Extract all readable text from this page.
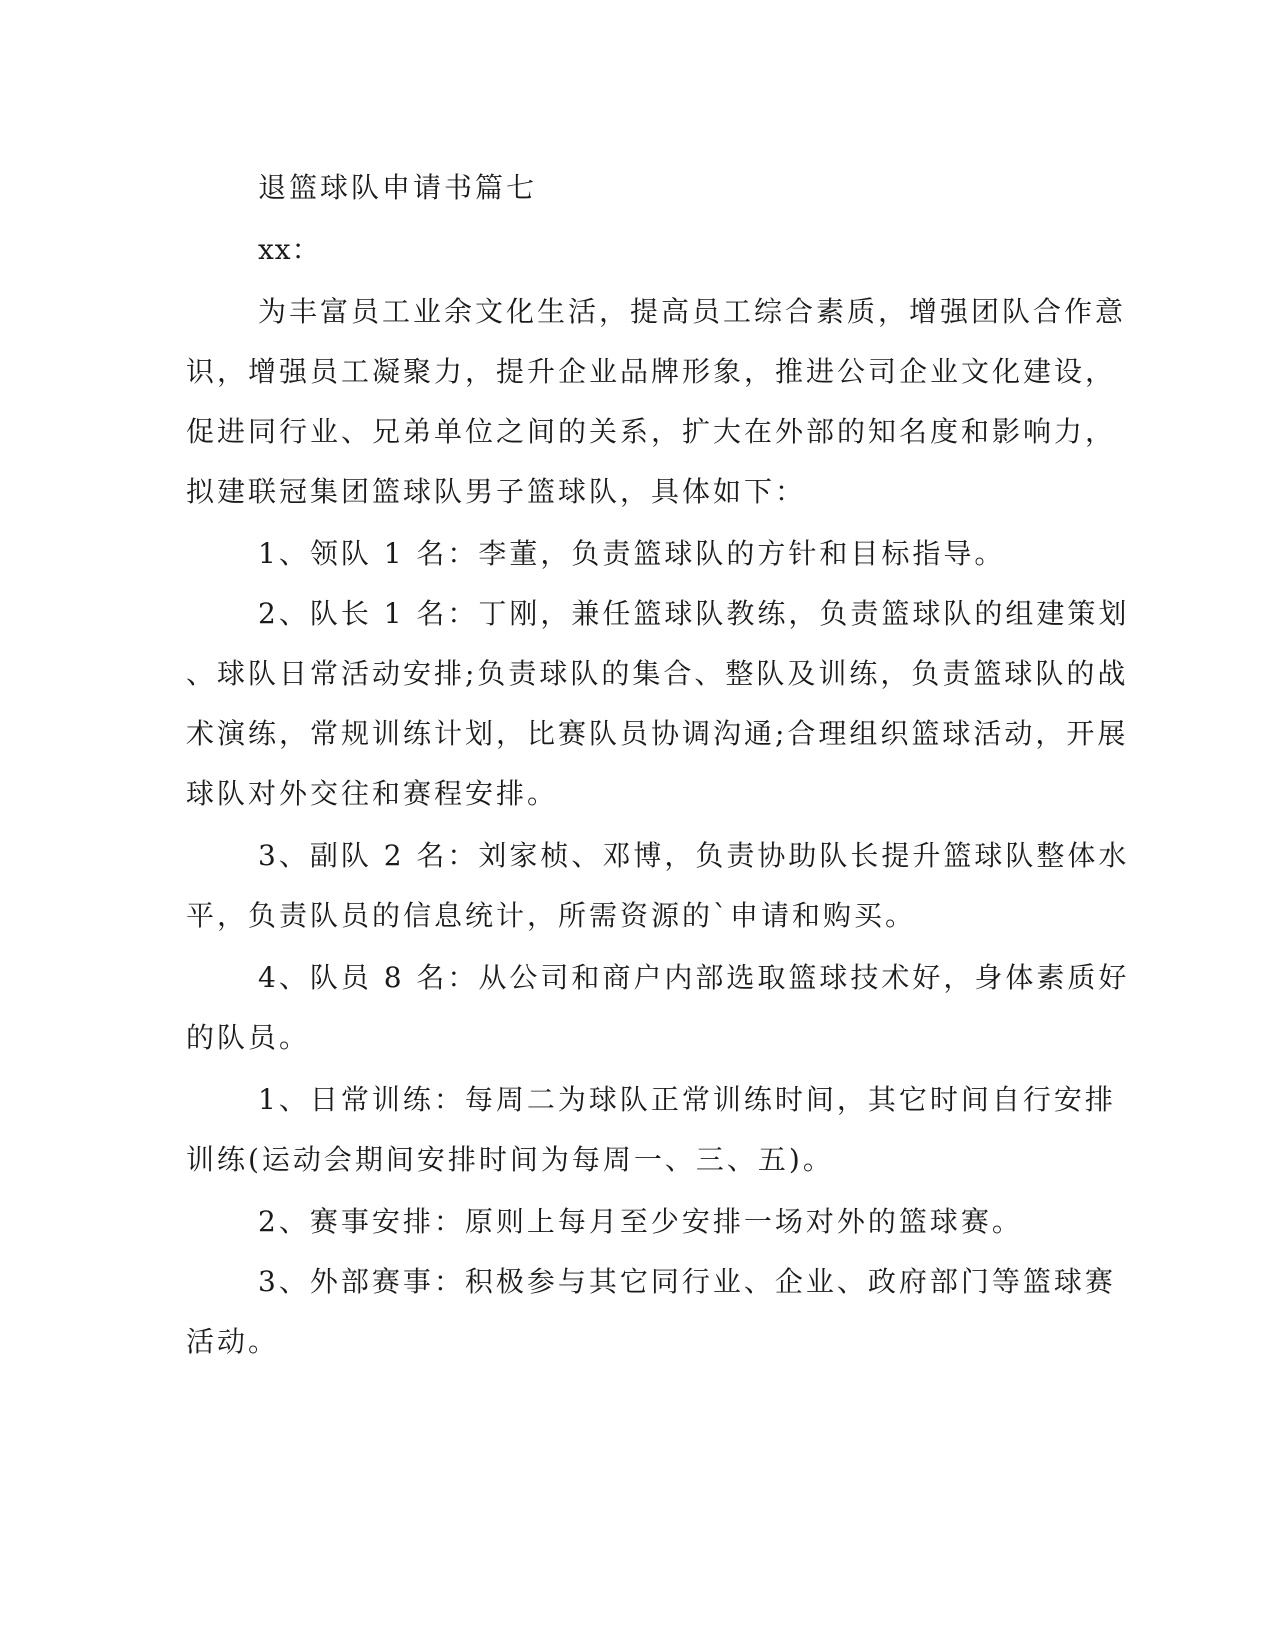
退篮球队申请书篇七
xx：
为丰富员工业余文化生活，提高员工综合素质，增强团队合作意
识，增强员工凝聚力，提升企业品牌形象，推进公司企业文化建设，
促进同行业、兄弟单位之间的关系，扩大在外部的知名度和影响力，
拟建联冠集团篮球队男子篮球队，具体如下：
1、领队 1 名：李董，负责篮球队的方针和目标指导。
2、队长 1 名：丁刚，兼任篮球队教练，负责篮球队的组建策划
、球队日常活动安排;负责球队的集合、整队及训练，负责篮球队的战
术演练，常规训练计划，比赛队员协调沟通;合理组织篮球活动，开展
球队对外交往和赛程安排。
3、副队 2 名：刘家桢、邓博，负责协助队长提升篮球队整体水
平，负责队员的信息统计，所需资源的`申请和购买。
4、队员 8 名：从公司和商户内部选取篮球技术好，身体素质好
的队员。
1、日常训练：每周二为球队正常训练时间，其它时间自行安排
训练(运动会期间安排时间为每周一、三、五)。
2、赛事安排：原则上每月至少安排一场对外的篮球赛。
3、外部赛事：积极参与其它同行业、企业、政府部门等篮球赛
活动。
